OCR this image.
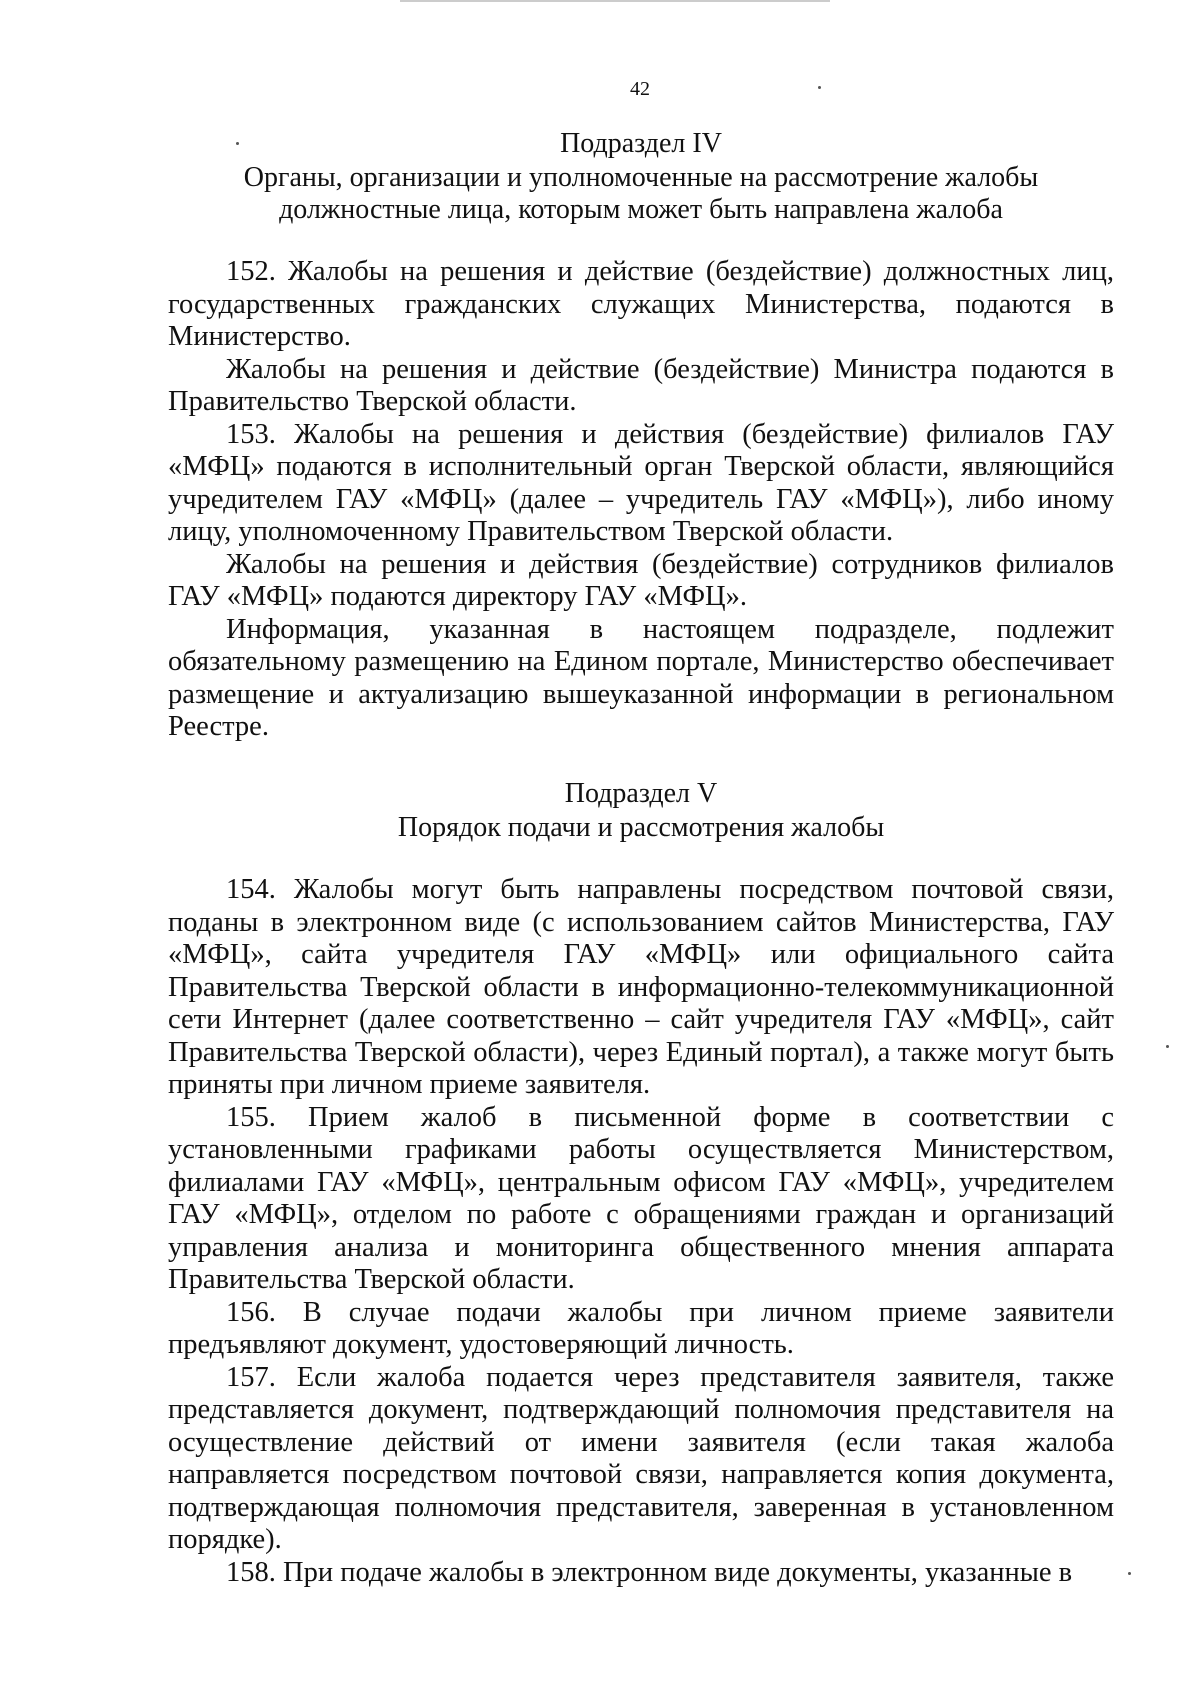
42

Подраздел IV

Органы, организации и уполномоченные на рассмотрение жалобы

должностные лица, которым может быть направлена жалоба

152. Жалобы на решения и действие (бездействие) должностных лиц, государственных гражданских служащих Министерства, подаются в Министерство.

Жалобы на решения и действие (бездействие) Министра подаются в Правительство Тверской области.

153. Жалобы на решения и действия (бездействие) филиалов ГАУ «МФЦ» подаются в исполнительный орган Тверской области, являющийся учредителем ГАУ «МФЦ» (далее – учредитель ГАУ «МФЦ»), либо иному лицу, уполномоченному Правительством Тверской области.

Жалобы на решения и действия (бездействие) сотрудников филиалов ГАУ «МФЦ» подаются директору ГАУ «МФЦ».

Информация, указанная в настоящем подразделе, подлежит обязательному размещению на Едином портале, Министерство обеспечивает размещение и актуализацию вышеуказанной информации в региональном Реестре.

Подраздел V

Порядок подачи и рассмотрения жалобы

154. Жалобы могут быть направлены посредством почтовой связи, поданы в электронном виде (с использованием сайтов Министерства, ГАУ «МФЦ», сайта учредителя ГАУ «МФЦ» или официального сайта Правительства Тверской области в информационно-телекоммуникационной сети Интернет (далее соответственно – сайт учредителя ГАУ «МФЦ», сайт Правительства Тверской области), через Единый портал), а также могут быть приняты при личном приеме заявителя.

155. Прием жалоб в письменной форме в соответствии с установленными графиками работы осуществляется Министерством, филиалами ГАУ «МФЦ», центральным офисом ГАУ «МФЦ», учредителем ГАУ «МФЦ», отделом по работе с обращениями граждан и организаций управления анализа и мониторинга общественного мнения аппарата Правительства Тверской области.

156. В случае подачи жалобы при личном приеме заявители предъявляют документ, удостоверяющий личность.

157. Если жалоба подается через представителя заявителя, также представляется документ, подтверждающий полномочия представителя на осуществление действий от имени заявителя (если такая жалоба направляется посредством почтовой связи, направляется копия документа, подтверждающая полномочия представителя, заверенная в установленном порядке).

158. При подаче жалобы в электронном виде документы, указанные в
